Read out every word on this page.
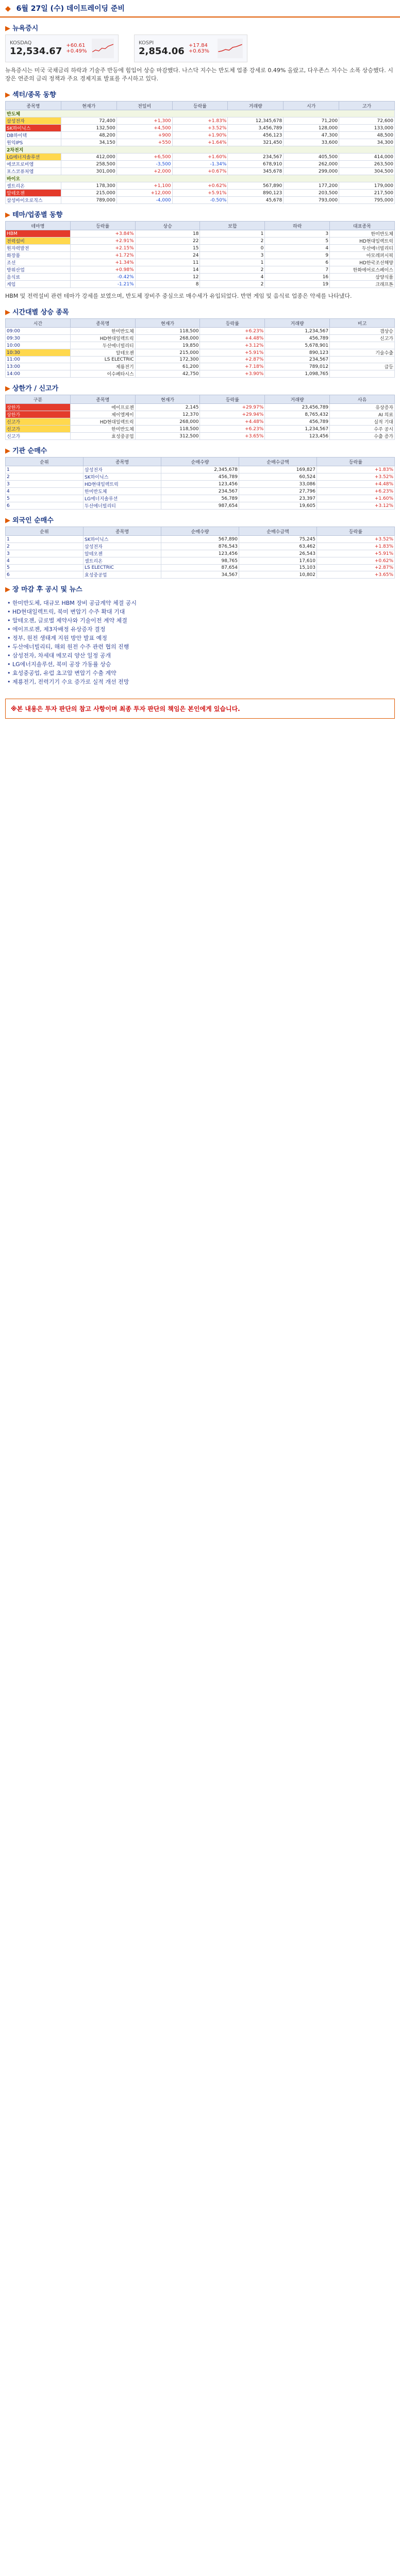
◆ 6월 27일 (수) 데이트레이딩 준비
▶ 뉴욕증시
KOSDAQ
12,534.67
+60.61 +0.49%
KOSPI
2,854.06
+17.84 +0.63%
뉴욕증시는 미국 국채금리 하락과 기술주 반등에 힘입어 상승 마감했다. 나스닥 지수는 반도체 업종 강세로 0.49% 올랐고, 다우존스 지수는 소폭 상승했다. 시장은 연준의 금리 정책과 주요 경제지표 발표를 주시하고 있다.
▶ 섹터/종목 동향
종목명	현재가	전일비	등락률	거래량	시가	고가
반도체						
삼성전자	72,400	+1,300	+1.83%	12,345,678	71,200	72,600
SK하이닉스	132,500	+4,500	+3.52%	3,456,789	128,000	133,000
DB하이텍	48,200	+900	+1.90%	456,123	47,300	48,500
원익IPS	34,150	+550	+1.64%	321,450	33,600	34,300
2차전지						
LG에너지솔루션	412,000	+6,500	+1.60%	234,567	405,500	414,000
에코프로비엠	258,500	-3,500	-1.34%	678,910	262,000	263,500
포스코퓨처엠	301,000	+2,000	+0.67%	345,678	299,000	304,500
바이오						
셀트리온	178,300	+1,100	+0.62%	567,890	177,200	179,000
알테오젠	215,000	+12,000	+5.91%	890,123	203,500	217,500
삼성바이오로직스	789,000	-4,000	-0.50%	45,678	793,000	795,000
▶ 테마/업종별 동향
테마명	등락률	상승	보합	하락	대표종목
HBM	+3.84%	18	1	3	한미반도체
전력설비	+2.91%	22	2	5	HD현대일렉트릭
원자력발전	+2.15%	15	0	4	두산에너빌리티
화장품	+1.72%	24	3	9	아모레퍼시픽
조선	+1.34%	11	1	6	HD한국조선해양
방위산업	+0.98%	14	2	7	한화에어로스페이스
음식료	-0.42%	12	4	16	삼양식품
게임	-1.21%	8	2	19	크래프톤
HBM 및 전력설비 관련 테마가 강세를 보였으며, 반도체 장비주 중심으로 매수세가 유입되었다. 반면 게임 및 음식료 업종은 약세를 나타냈다.
▶ 시간대별 상승 종목
시간	종목명	현재가	등락률	거래량	비고
09:00	한미반도체	118,500	+6.23%	1,234,567	갭상승
09:30	HD현대일렉트릭	268,000	+4.48%	456,789	신고가
10:00	두산에너빌리티	19,850	+3.12%	5,678,901	
10:30	알테오젠	215,000	+5.91%	890,123	기술수출
11:00	LS ELECTRIC	172,300	+2.87%	234,567	
13:00	제룡전기	61,200	+7.18%	789,012	급등
14:00	이수페타시스	42,750	+3.90%	1,098,765	
▶ 상한가 / 신고가
구분	종목명	현재가	등락률	거래량	사유
상한가	에이프로젠	2,145	+29.97%	23,456,789	유상증자
상한가	제이엘케이	12,370	+29.94%	8,765,432	AI 의료
신고가	HD현대일렉트릭	268,000	+4.48%	456,789	실적 기대
신고가	한미반도체	118,500	+6.23%	1,234,567	수주 공시
신고가	효성중공업	312,500	+3.65%	123,456	수출 증가
▶ 기관 순매수
순위	종목명	순매수량	순매수금액	등락률
1	삼성전자	2,345,678	169,827	+1.83%
2	SK하이닉스	456,789	60,524	+3.52%
3	HD현대일렉트릭	123,456	33,086	+4.48%
4	한미반도체	234,567	27,796	+6.23%
5	LG에너지솔루션	56,789	23,397	+1.60%
6	두산에너빌리티	987,654	19,605	+3.12%
▶ 외국인 순매수
순위	종목명	순매수량	순매수금액	등락률
1	SK하이닉스	567,890	75,245	+3.52%
2	삼성전자	876,543	63,462	+1.83%
3	알테오젠	123,456	26,543	+5.91%
4	셀트리온	98,765	17,610	+0.62%
5	LS ELECTRIC	87,654	15,103	+2.87%
6	효성중공업	34,567	10,802	+3.65%
▶ 장 마감 후 공시 및 뉴스
• 한미반도체, 대규모 HBM 장비 공급계약 체결 공시
• HD현대일렉트릭, 북미 변압기 수주 확대 기대
• 알테오젠, 글로벌 제약사와 기술이전 계약 체결
• 에이프로젠, 제3자배정 유상증자 결정
• 정부, 원전 생태계 지원 방안 발표 예정
• 두산에너빌리티, 해외 원전 수주 관련 협의 진행
• 삼성전자, 차세대 메모리 양산 일정 공개
• LG에너지솔루션, 북미 공장 가동률 상승
• 효성중공업, 유럽 초고압 변압기 수출 계약
• 제룡전기, 전력기기 수요 증가로 실적 개선 전망
※본 내용은 투자 판단의 참고 사항이며 최종 투자 판단의 책임은 본인에게 있습니다.
